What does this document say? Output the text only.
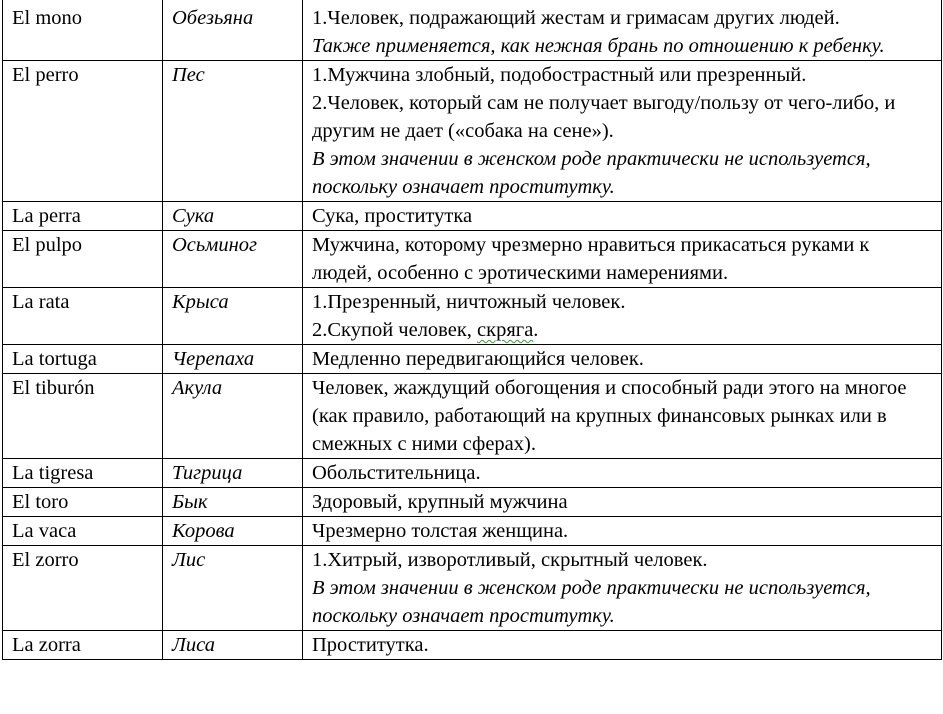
El mono	Обезьяна	1.Человек, подражающий жестам и гримасам других людей.
Также применяется, как нежная брань по отношению к ребенку.

El perro	Пес	1.Мужчина злобный, подобострастный или презренный.
2.Человек, который сам не получает выгоду/пользу от чего-либо, и другим не дает («собака на сене»).
В этом значении в женском роде практически не используется, поскольку означает проститутку.

La perra	Сука	Сука, проститутка

El pulpo	Осьминог	Мужчина, которому чрезмерно нравиться прикасаться руками к людей, особенно с эротическими намерениями.

La rata	Крыса	1.Презренный, ничтожный человек.
2.Скупой человек, скряга.

La tortuga	Черепаха	Медленно передвигающийся человек.

El tiburón	Акула	Человек, жаждущий обогощения и способный ради этого на многое (как правило, работающий на крупных финансовых рынках или в смежных с ними сферах).

La tigresa	Тигрица	Обольстительница.

El toro	Бык	Здоровый, крупный мужчина

La vaca	Корова	Чрезмерно толстая женщина.

El zorro	Лис	1.Хитрый, изворотливый, скрытный человек.
В этом значении в женском роде практически не используется, поскольку означает проститутку.

La zorra	Лиса	Проститутка.
